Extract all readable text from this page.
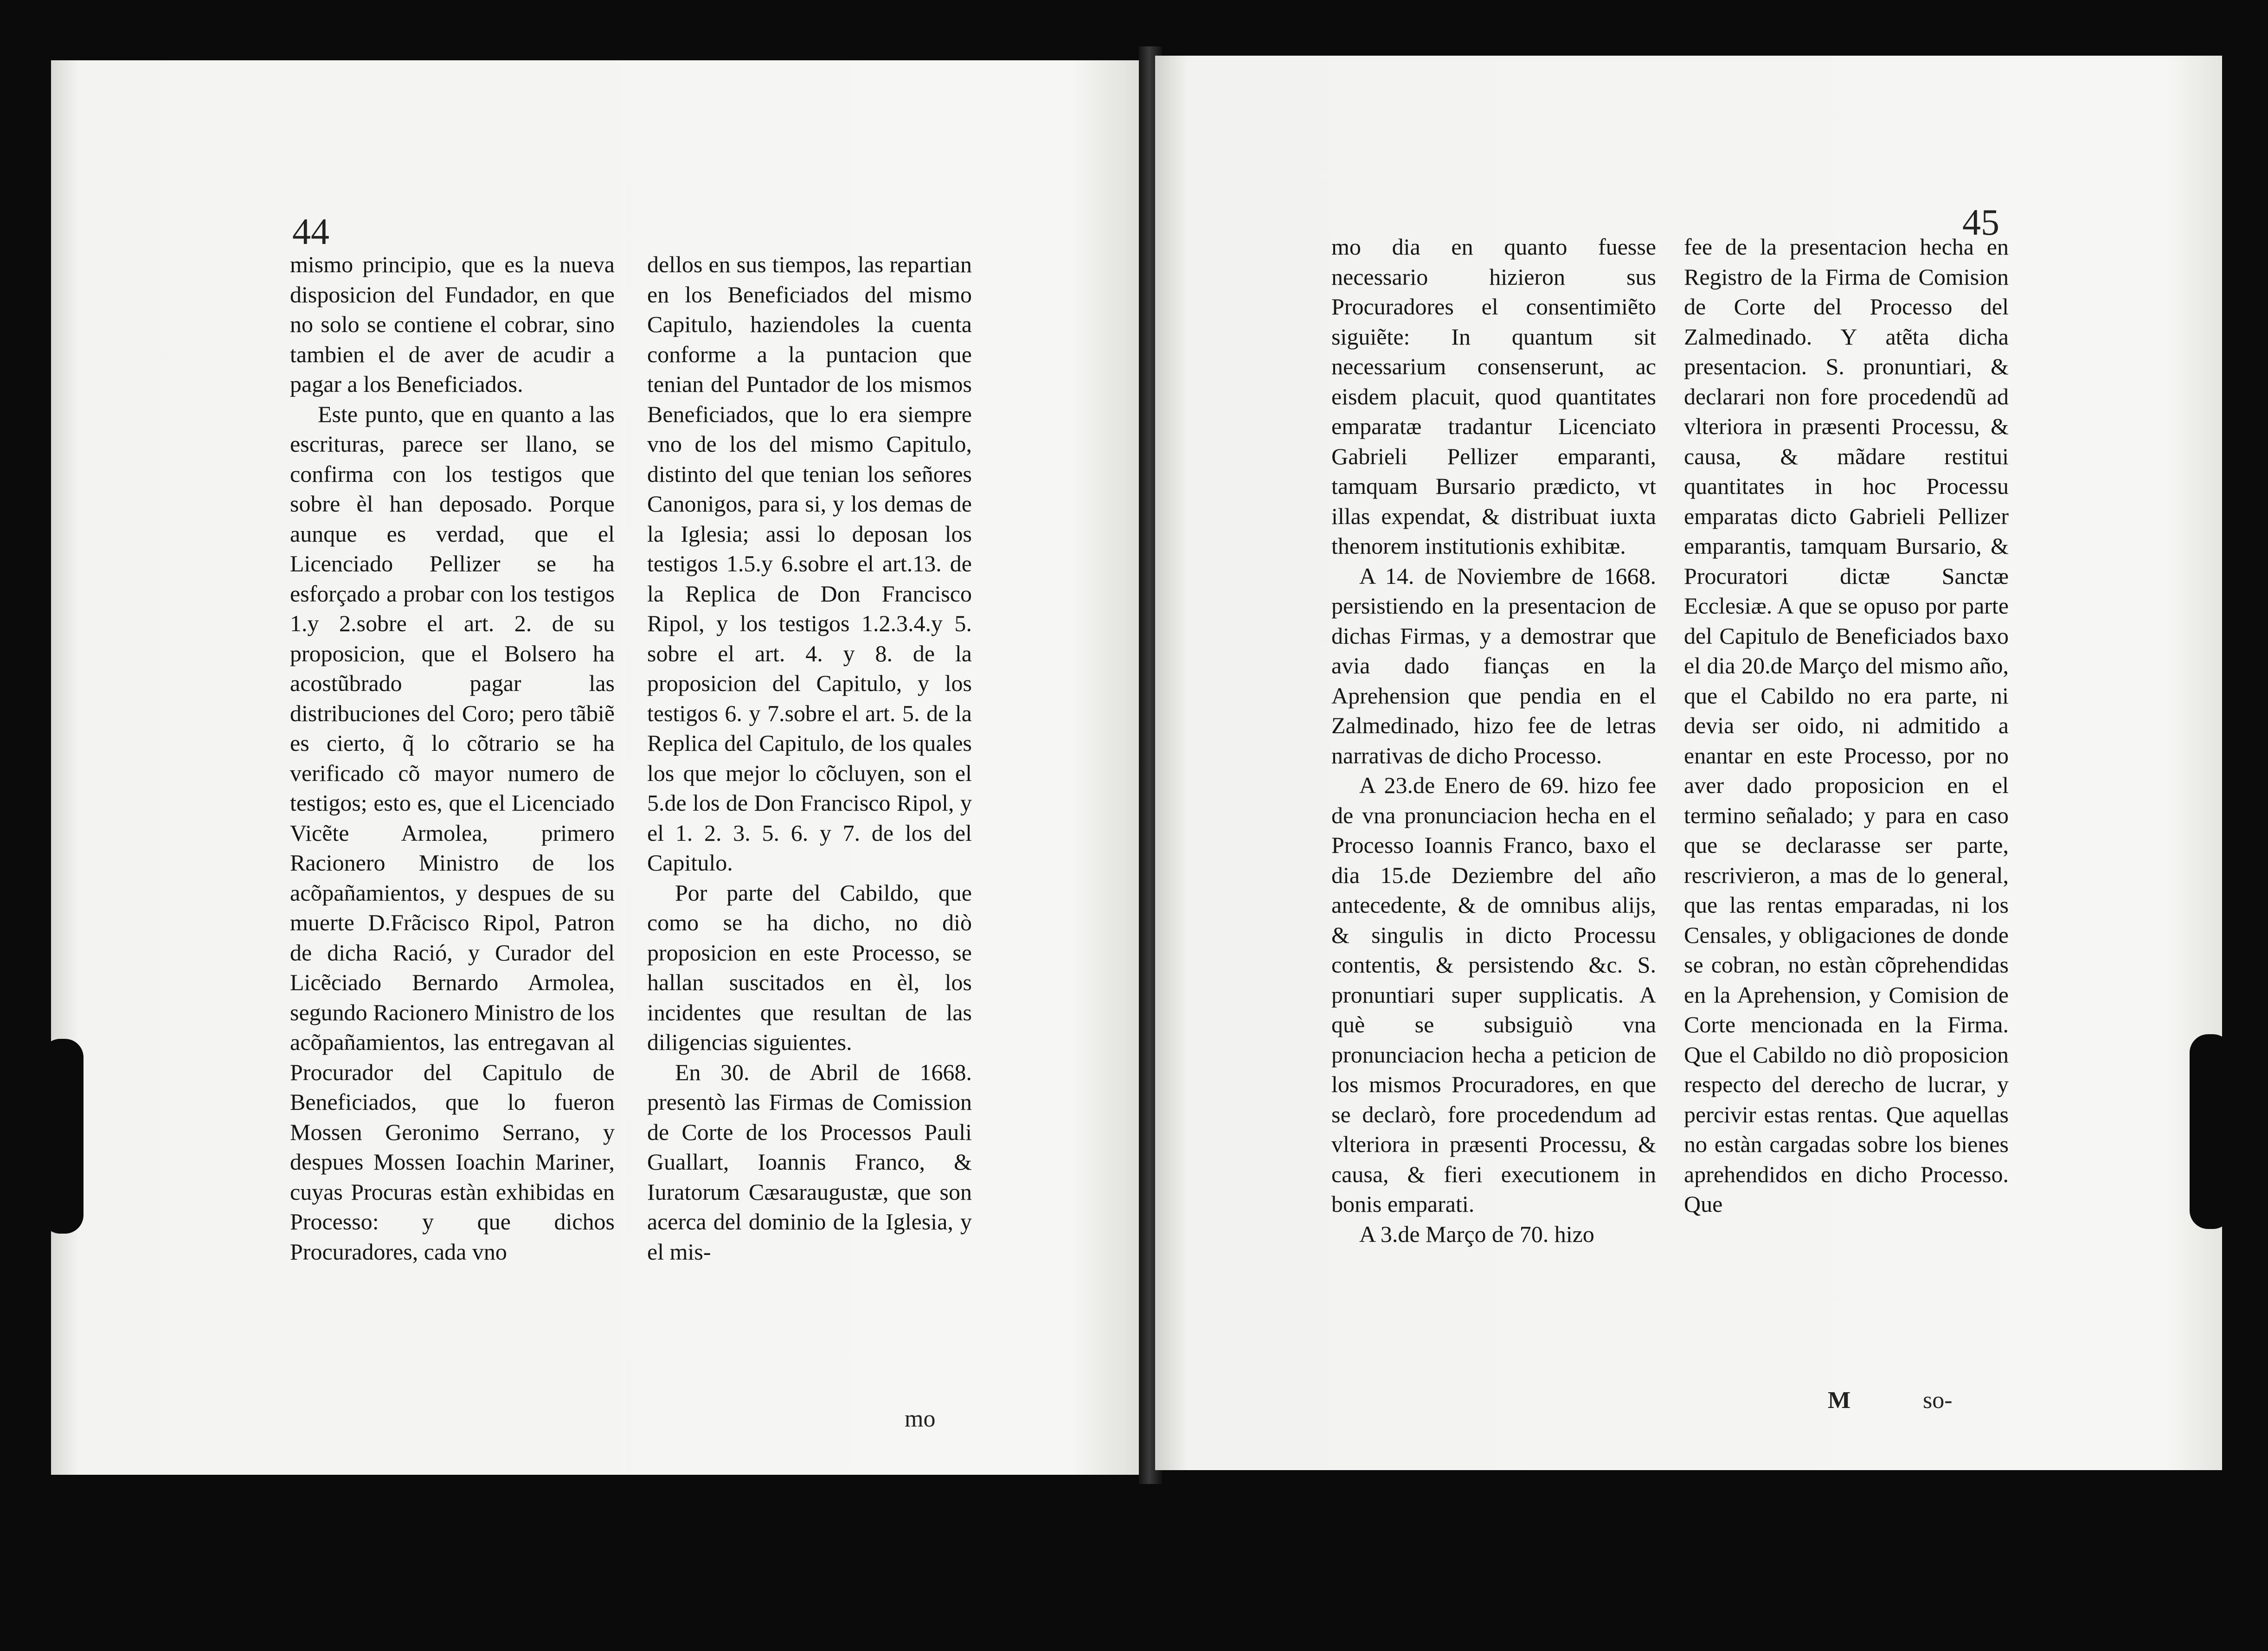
44

mismo principio, que es la nueva disposicion del Fundador, en que no solo se contiene el cobrar, sino tambien el de aver de acudir a pagar a los Beneficiados.

Este punto, que en quanto a las escrituras, parece ser llano, se confirma con los testigos que sobre èl han deposado. Porque aunque es verdad, que el Licenciado Pellizer se ha esforçado a probar con los testigos 1.y 2.sobre el art. 2. de su proposicion, que el Bolsero ha acostũbrado pagar las distribuciones del Coro; pero tãbiẽ es cierto, q̃ lo cõtrario se ha verificado cõ mayor numero de testigos; esto es, que el Licenciado Vicẽte Armolea, primero Racionero Ministro de los acõpañamientos, y despues de su muerte D.Frãcisco Ripol, Patron de dicha Ració, y Curador del Licẽciado Bernardo Armolea, segundo Racionero Ministro de los acõpañamientos, las entregavan al Procurador del Capitulo de Beneficiados, que lo fueron Mossen Geronimo Serrano, y despues Mossen Ioachin Mariner, cuyas Procuras estàn exhibidas en Processo: y que dichos Procuradores, cada vno

dellos en sus tiempos, las repartian en los Beneficiados del mismo Capitulo, haziendoles la cuenta conforme a la puntacion que tenian del Puntador de los mismos Beneficiados, que lo era siempre vno de los del mismo Capitulo, distinto del que tenian los señores Canonigos, para si, y los demas de la Iglesia; assi lo deposan los testigos 1.5.y 6.sobre el art.13. de la Replica de Don Francisco Ripol, y los testigos 1.2.3.4.y 5. sobre el art. 4. y 8. de la proposicion del Capitulo, y los testigos 6. y 7.sobre el art. 5. de la Replica del Capitulo, de los quales los que mejor lo cõcluyen, son el 5.de los de Don Francisco Ripol, y el 1. 2. 3. 5. 6. y 7. de los del Capitulo.

Por parte del Cabildo, que como se ha dicho, no diò proposicion en este Processo, se hallan suscitados en èl, los incidentes que resultan de las diligencias siguientes.

En 30. de Abril de 1668. presentò las Firmas de Comission de Corte de los Processos Pauli Guallart, Ioannis Franco, & Iuratorum Cæsaraugustæ, que son acerca del dominio de la Iglesia, y el mis-

mo
45

mo dia en quanto fuesse necessario hizieron sus Procuradores el consentimiẽto siguiẽte: In quantum sit necessarium consenserunt, ac eisdem placuit, quod quantitates emparatæ tradantur Licenciato Gabrieli Pellizer emparanti, tamquam Bursario prædicto, vt illas expendat, & distribuat iuxta thenorem institutionis exhibitæ.

A 14. de Noviembre de 1668. persistiendo en la presentacion de dichas Firmas, y a demostrar que avia dado fianças en la Aprehension que pendia en el Zalmedinado, hizo fee de letras narrativas de dicho Processo.

A 23.de Enero de 69. hizo fee de vna pronunciacion hecha en el Processo Ioannis Franco, baxo el dia 15.de Deziembre del año antecedente, & de omnibus alijs, & singulis in dicto Processu contentis, & persistendo &c. S. pronuntiari super supplicatis. A què se subsiguiò vna pronunciacion hecha a peticion de los mismos Procuradores, en que se declarò, fore procedendum ad vlteriora in præsenti Processu, & causa, & fieri executionem in bonis emparati.

A 3.de Março de 70. hizo

fee de la presentacion hecha en Registro de la Firma de Comision de Corte del Processo del Zalmedinado. Y atẽta dicha presentacion. S. pronuntiari, & declarari non fore procedendũ ad vlteriora in præsenti Processu, & causa, & mãdare restitui quantitates in hoc Processu emparatas dicto Gabrieli Pellizer emparantis, tamquam Bursario, & Procuratori dictæ Sanctæ Ecclesiæ. A que se opuso por parte del Capitulo de Beneficiados baxo el dia 20.de Março del mismo año, que el Cabildo no era parte, ni devia ser oido, ni admitido a enantar en este Processo, por no aver dado proposicion en el termino señalado; y para en caso que se declarasse ser parte, rescrivieron, a mas de lo general, que las rentas emparadas, ni los Censales, y obligaciones de donde se cobran, no estàn cõprehendidas en la Aprehension, y Comision de Corte mencionada en la Firma. Que el Cabildo no diò proposicion respecto del derecho de lucrar, y percivir estas rentas. Que aquellas no estàn cargadas sobre los bienes aprehendidos en dicho Processo. Que

M	so-
